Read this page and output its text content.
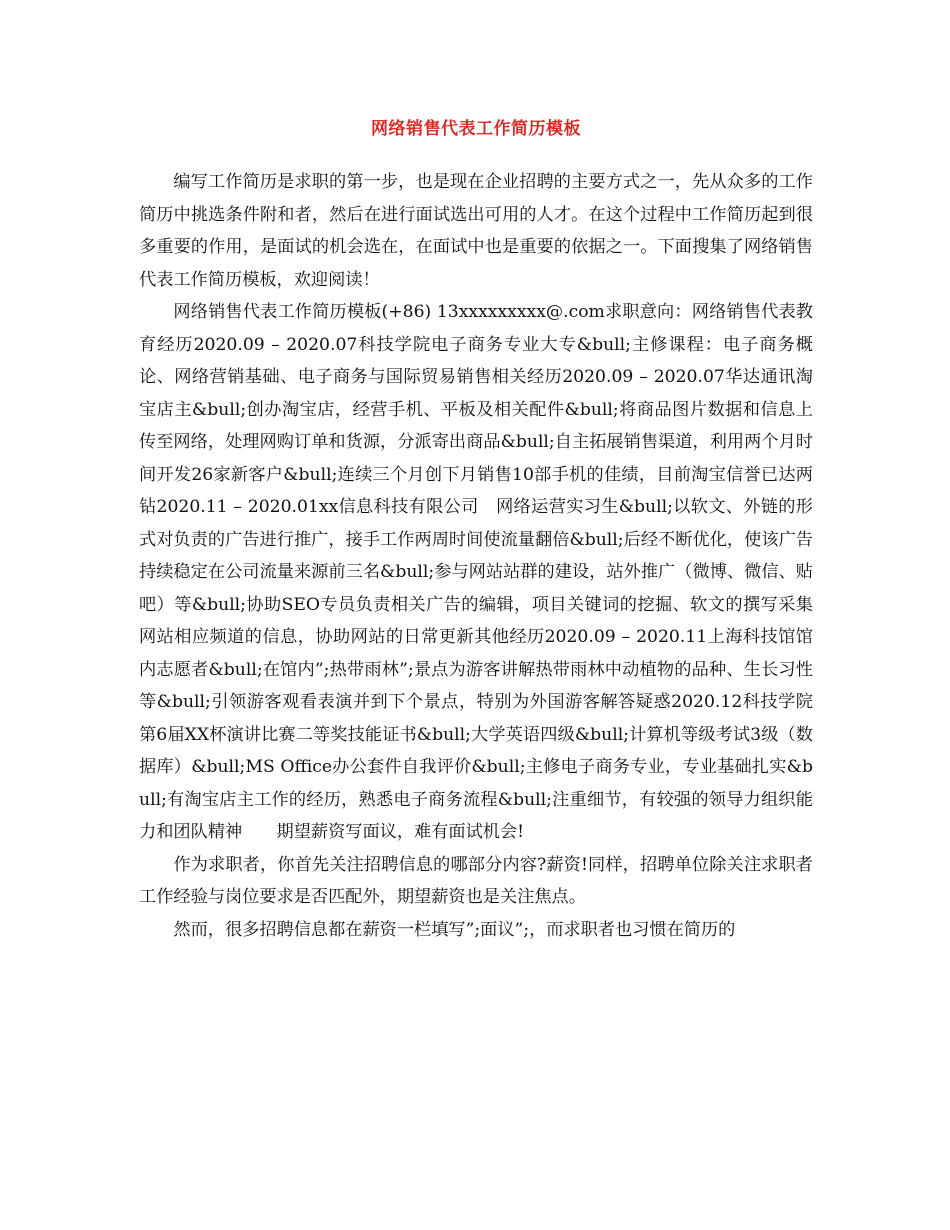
网络销售代表工作简历模板

编写工作简历是求职的第一步，也是现在企业招聘的主要方式之一，先从众多的工作简历中挑选条件附和者，然后在进行面试选出可用的人才。在这个过程中工作简历起到很多重要的作用，是面试的机会选在，在面试中也是重要的依据之一。下面搜集了网络销售代表工作简历模板，欢迎阅读！

网络销售代表工作简历模板(+86) 13xxxxxxxxx@.com求职意向：网络销售代表教育经历2020.09 – 2020.07科技学院电子商务专业大专&bull;主修课程：电子商务概论、网络营销基础、电子商务与国际贸易销售相关经历2020.09 – 2020.07华达通讯淘宝店主&bull;创办淘宝店，经营手机、平板及相关配件&bull;将商品图片数据和信息上传至网络，处理网购订单和货源，分派寄出商品&bull;自主拓展销售渠道，利用两个月时间开发26家新客户&bull;连续三个月创下月销售10部手机的佳绩，目前淘宝信誉已达两钻2020.11 – 2020.01xx信息科技有限公司　网络运营实习生&bull;以软文、外链的形式对负责的广告进行推广，接手工作两周时间使流量翻倍&bull;后经不断优化，使该广告持续稳定在公司流量来源前三名&bull;参与网站站群的建设，站外推广（微博、微信、贴吧）等&bull;协助SEO专员负责相关广告的编辑，项目关键词的挖掘、软文的撰写采集网站相应频道的信息，协助网站的日常更新其他经历2020.09 – 2020.11上海科技馆馆内志愿者&bull;在馆内”;热带雨林”;景点为游客讲解热带雨林中动植物的品种、生长习性等&bull;引领游客观看表演并到下个景点，特别为外国游客解答疑惑2020.12科技学院第6届XX杯演讲比赛二等奖技能证书&bull;大学英语四级&bull;计算机等级考试3级（数据库）&bull;MS Office办公套件自我评价&bull;主修电子商务专业，专业基础扎实&bull;有淘宝店主工作的经历，熟悉电子商务流程&bull;注重细节，有较强的领导力组织能力和团队精神　　期望薪资写面议，难有面试机会!

作为求职者，你首先关注招聘信息的哪部分内容?薪资!同样，招聘单位除关注求职者工作经验与岗位要求是否匹配外，期望薪资也是关注焦点。

然而，很多招聘信息都在薪资一栏填写”;面议”;，而求职者也习惯在简历的
